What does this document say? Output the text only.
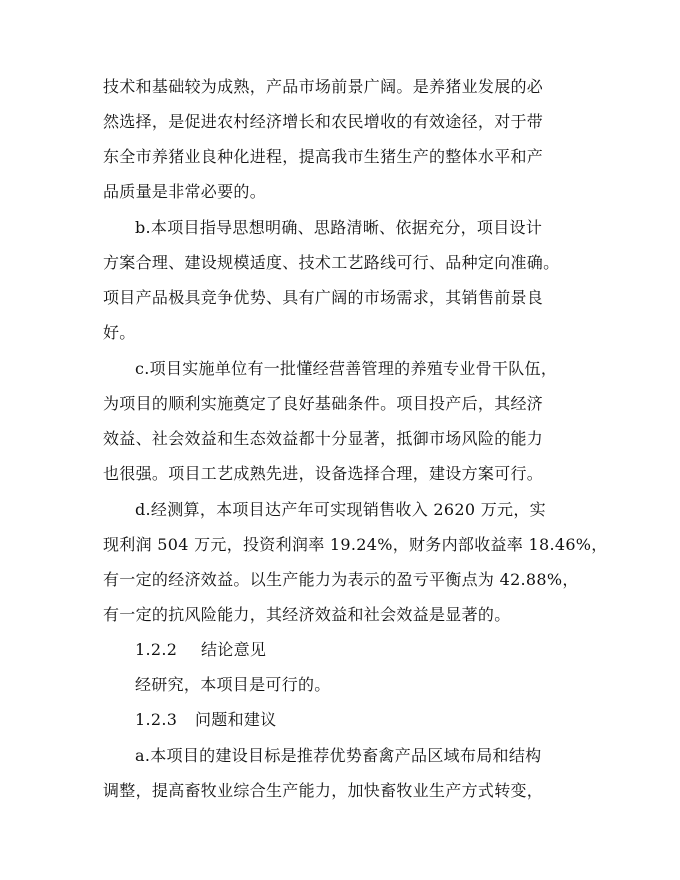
技术和基础较为成熟，产品市场前景广阔。是养猪业发展的必
然选择，是促进农村经济增长和农民增收的有效途径，对于带
东全市养猪业良种化进程，提高我市生猪生产的整体水平和产
品质量是非常必要的。
b.本项目指导思想明确、思路清晰、依据充分，项目设计
方案合理、建设规模适度、技术工艺路线可行、品种定向准确。
项目产品极具竞争优势、具有广阔的市场需求，其销售前景良
好。
c.项目实施单位有一批懂经营善管理的养殖专业骨干队伍，
为项目的顺利实施奠定了良好基础条件。项目投产后，其经济
效益、社会效益和生态效益都十分显著，抵御市场风险的能力
也很强。项目工艺成熟先进，设备选择合理，建设方案可行。
d.经测算，本项目达产年可实现销售收入 2620 万元，实
现利润 504 万元，投资利润率 19.24%，财务内部收益率 18.46%，
有一定的经济效益。以生产能力为表示的盈亏平衡点为 42.88%，
有一定的抗风险能力，其经济效益和社会效益是显著的。
1.2.2 结论意见
经研究，本项目是可行的。
1.2.3 问题和建议
a.本项目的建设目标是推荐优势畜禽产品区域布局和结构
调整，提高畜牧业综合生产能力，加快畜牧业生产方式转变，
